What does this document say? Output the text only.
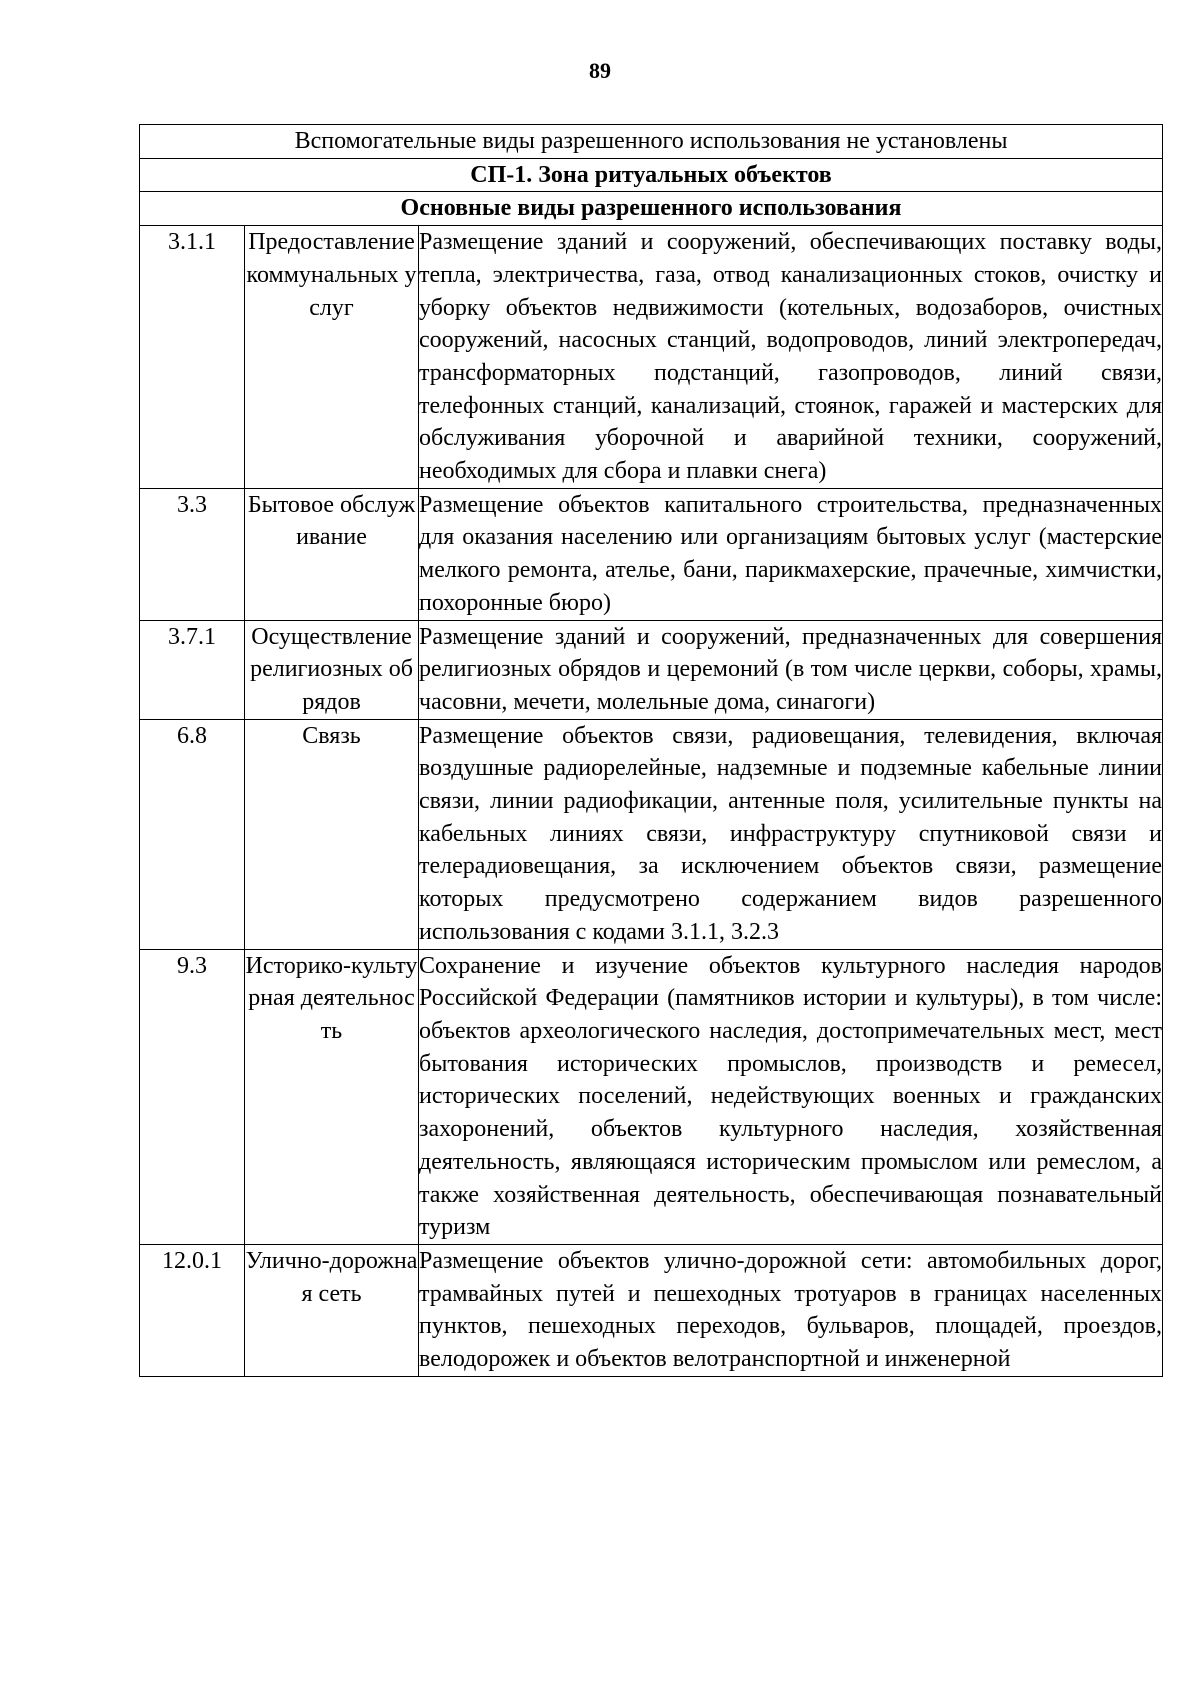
89
Вспомогательные виды разрешенного использования не установлены		
СП-1. Зона ритуальных объектов		
Основные виды разрешенного использования		
3.1.1	Предоставление коммунальных услуг	Размещение зданий и сооружений, обеспечивающих поставку воды, тепла, электричества, газа, отвод канализационных стоков, очистку и уборку объектов недвижимости (котельных, водозаборов, очистных сооружений, насосных станций, водопроводов, линий электропередач, трансформаторных подстанций, газопроводов, линий связи, телефонных станций, канализаций, стоянок, гаражей и мастерских для обслуживания уборочной и аварийной техники, сооружений, необходимых для сбора и плавки снега)
3.3	Бытовое обслуживание	Размещение объектов капитального строительства, предназначенных для оказания населению или организациям бытовых услуг (мастерские мелкого ремонта, ателье, бани, парикмахерские, прачечные, химчистки, похоронные бюро)
3.7.1	Осуществление религиозных обрядов	Размещение зданий и сооружений, предназначенных для совершения религиозных обрядов и церемоний (в том числе церкви, соборы, храмы, часовни, мечети, молельные дома, синагоги)
6.8	Связь	Размещение объектов связи, радиовещания, телевидения, включая воздушные радиорелейные, надземные и подземные кабельные линии связи, линии радиофикации, антенные поля, усилительные пункты на кабельных линиях связи, инфраструктуру спутниковой связи и телерадиовещания, за исключением объектов связи, размещение которых предусмотрено содержанием видов разрешенного использования с кодами 3.1.1, 3.2.3
9.3	Историко-культурная деятельность	Сохранение и изучение объектов культурного наследия народов Российской Федерации (памятников истории и культуры), в том числе: объектов археологического наследия, достопримечательных мест, мест бытования исторических промыслов, производств и ремесел, исторических поселений, недействующих военных и гражданских захоронений, объектов культурного наследия, хозяйственная деятельность, являющаяся историческим промыслом или ремеслом, а также хозяйственная деятельность, обеспечивающая познавательный туризм
12.0.1	Улично-дорожная сеть	Размещение объектов улично-дорожной сети: автомобильных дорог, трамвайных путей и пешеходных тротуаров в границах населенных пунктов, пешеходных переходов, бульваров, площадей, проездов, велодорожек и объектов велотранспортной и инженерной
